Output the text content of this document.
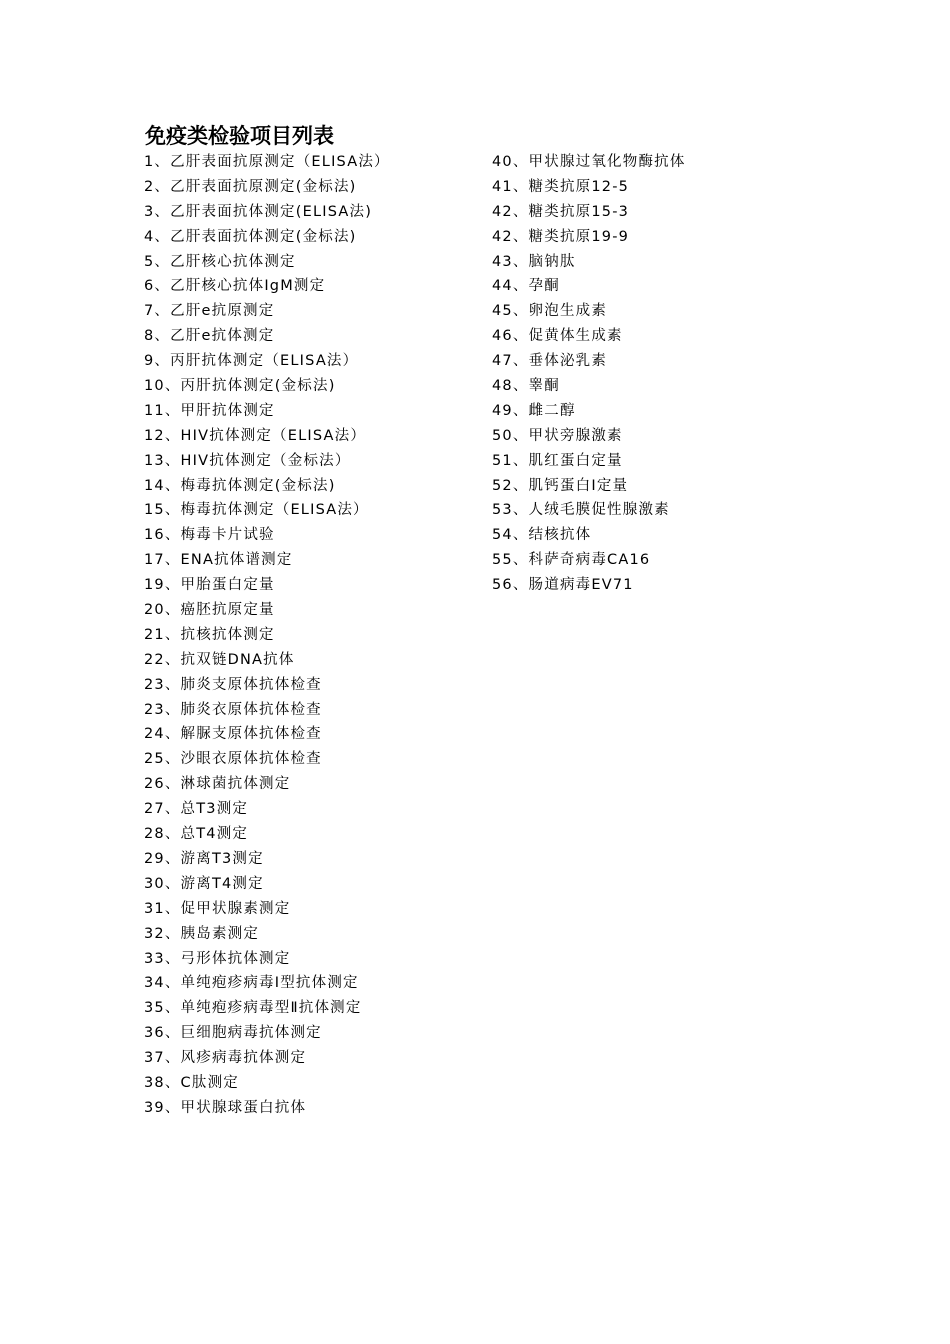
免疫类检验项目列表
1、乙肝表面抗原测定（ELISA法）
2、乙肝表面抗原测定(金标法)
3、乙肝表面抗体测定(ELISA法)
4、乙肝表面抗体测定(金标法)
5、乙肝核心抗体测定
6、乙肝核心抗体IgM测定
7、乙肝e抗原测定
8、乙肝e抗体测定
9、丙肝抗体测定（ELISA法）
10、丙肝抗体测定(金标法)
11、甲肝抗体测定
12、HIV抗体测定（ELISA法）
13、HIV抗体测定（金标法）
14、梅毒抗体测定(金标法)
15、梅毒抗体测定（ELISA法）
16、梅毒卡片试验
17、ENA抗体谱测定
19、甲胎蛋白定量
20、癌胚抗原定量
21、抗核抗体测定
22、抗双链DNA抗体
23、肺炎支原体抗体检查
23、肺炎衣原体抗体检查
24、解脲支原体抗体检查
25、沙眼衣原体抗体检查
26、淋球菌抗体测定
27、总T3测定
28、总T4测定
29、游离T3测定
30、游离T4测定
31、促甲状腺素测定
32、胰岛素测定
33、弓形体抗体测定
34、单纯疱疹病毒Ⅰ型抗体测定
35、单纯疱疹病毒型Ⅱ抗体测定
36、巨细胞病毒抗体测定
37、风疹病毒抗体测定
38、C肽测定
39、甲状腺球蛋白抗体
40、甲状腺过氧化物酶抗体
41、糖类抗原12-5
42、糖类抗原15-3
42、糖类抗原19-9
43、脑钠肽
44、孕酮
45、卵泡生成素
46、促黄体生成素
47、垂体泌乳素
48、睾酮
49、雌二醇
50、甲状旁腺激素
51、肌红蛋白定量
52、肌钙蛋白I定量
53、人绒毛膜促性腺激素
54、结核抗体
55、科萨奇病毒CA16
56、肠道病毒EV71
